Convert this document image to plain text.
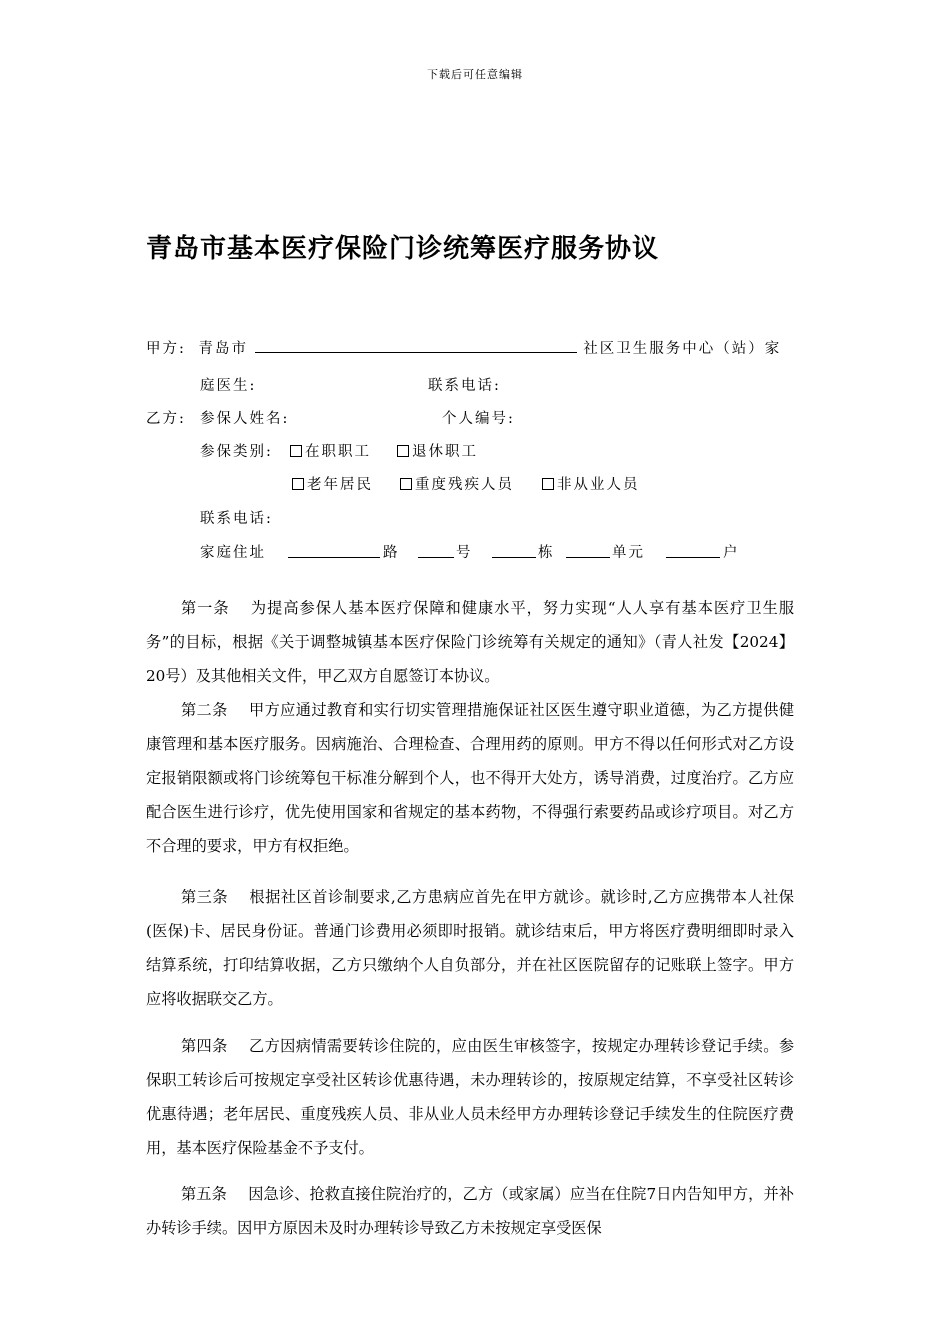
下载后可任意编辑
青岛市基本医疗保险门诊统筹医疗服务协议
甲方: 青岛市	社区卫生服务中心（站）家
庭医生:	联系电话:
乙方: 参保人姓名:	个人编号:
参保类别:	在职职工	退休职工
老年居民	重度残疾人员	非从业人员
联系电话:
家庭住址	路	号	栋	单元	户
第一条 为提高参保人基本医疗保障和健康水平，努力实现“人人享有基本医疗卫生服务”的目标，根据《关于调整城镇基本医疗保险门诊统筹有关规定的通知》（青人社发【2024】20号）及其他相关文件，甲乙双方自愿签订本协议。
第二条 甲方应通过教育和实行切实管理措施保证社区医生遵守职业道德，为乙方提供健康管理和基本医疗服务。因病施治、合理检查、合理用药的原则。甲方不得以任何形式对乙方设定报销限额或将门诊统筹包干标准分解到个人，也不得开大处方，诱导消费，过度治疗。乙方应配合医生进行诊疗，优先使用国家和省规定的基本药物，不得强行索要药品或诊疗项目。对乙方不合理的要求，甲方有权拒绝。
第三条 根据社区首诊制要求,乙方患病应首先在甲方就诊。就诊时,乙方应携带本人社保(医保)卡、居民身份证。普通门诊费用必须即时报销。就诊结束后，甲方将医疗费明细即时录入结算系统，打印结算收据，乙方只缴纳个人自负部分，并在社区医院留存的记账联上签字。甲方应将收据联交乙方。
第四条 乙方因病情需要转诊住院的，应由医生审核签字，按规定办理转诊登记手续。参保职工转诊后可按规定享受社区转诊优惠待遇，未办理转诊的，按原规定结算，不享受社区转诊优惠待遇；老年居民、重度残疾人员、非从业人员未经甲方办理转诊登记手续发生的住院医疗费用，基本医疗保险基金不予支付。
第五条 因急诊、抢救直接住院治疗的，乙方（或家属）应当在住院7日内告知甲方，并补办转诊手续。因甲方原因未及时办理转诊导致乙方未按规定享受医保
